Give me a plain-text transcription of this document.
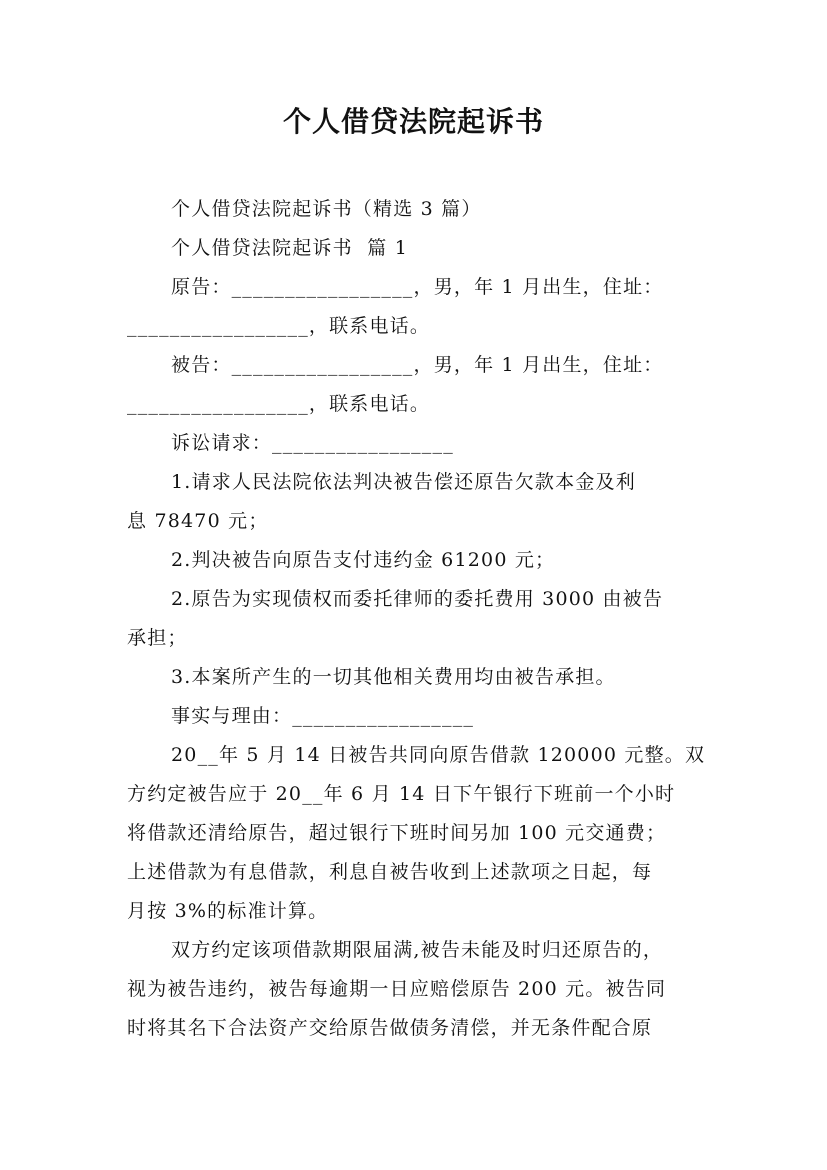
个人借贷法院起诉书
个人借贷法院起诉书（精选 3 篇）
个人借贷法院起诉书  篇 1
原告：_________________，男，年 1 月出生，住址：
_________________，联系电话。
被告：_________________，男，年 1 月出生，住址：
_________________，联系电话。
诉讼请求：_________________
1.请求人民法院依法判决被告偿还原告欠款本金及利
息 78470 元；
2.判决被告向原告支付违约金 61200 元；
2.原告为实现债权而委托律师的委托费用 3000 由被告
承担；
3.本案所产生的一切其他相关费用均由被告承担。
事实与理由：_________________
20__年 5 月 14 日被告共同向原告借款 120000 元整。双
方约定被告应于 20__年 6 月 14 日下午银行下班前一个小时
将借款还清给原告，超过银行下班时间另加 100 元交通费；
上述借款为有息借款，利息自被告收到上述款项之日起，每
月按 3%的标准计算。
双方约定该项借款期限届满,被告未能及时归还原告的，
视为被告违约，被告每逾期一日应赔偿原告 200 元。被告同
时将其名下合法资产交给原告做债务清偿，并无条件配合原
